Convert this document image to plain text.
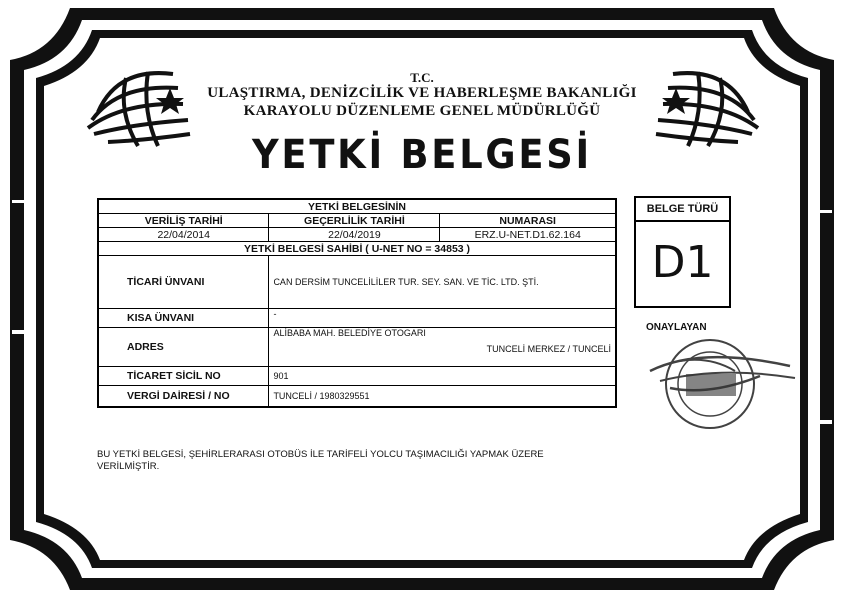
T.C.
ULAŞTIRMA, DENİZCİLİK VE HABERLEŞME BAKANLIĞI
KARAYOLU DÜZENLEME GENEL MÜDÜRLÜĞÜ
YETKİ BELGESİ
YETKİ BELGESİNİN		
VERİLİŞ TARİHİ	GEÇERLİLİK TARİHİ	NUMARASI
22/04/2014	22/04/2019	ERZ.U-NET.D1.62.164
YETKİ BELGESİ SAHİBİ ( U-NET NO = 34853 )		
TİCARİ ÜNVANI	CAN DERSİM TUNCELİLİLER TUR. SEY. SAN. VE TİC. LTD. ŞTİ.	
KISA ÜNVANI	-	
ADRES	ALİBABA MAH. BELEDİYE OTOGARI
TUNCELİ MERKEZ / TUNCELİ	

TİCARET SİCİL NO	901	
VERGİ DAİRESİ / NO	TUNCELİ / 1980329551	
BELGE TÜRÜ
D1
ONAYLAYAN
BU YETKİ BELGESİ, ŞEHİRLERARASI OTOBÜS İLE TARİFELİ YOLCU TAŞIMACILIĞI YAPMAK ÜZERE VERİLMİŞTİR.
